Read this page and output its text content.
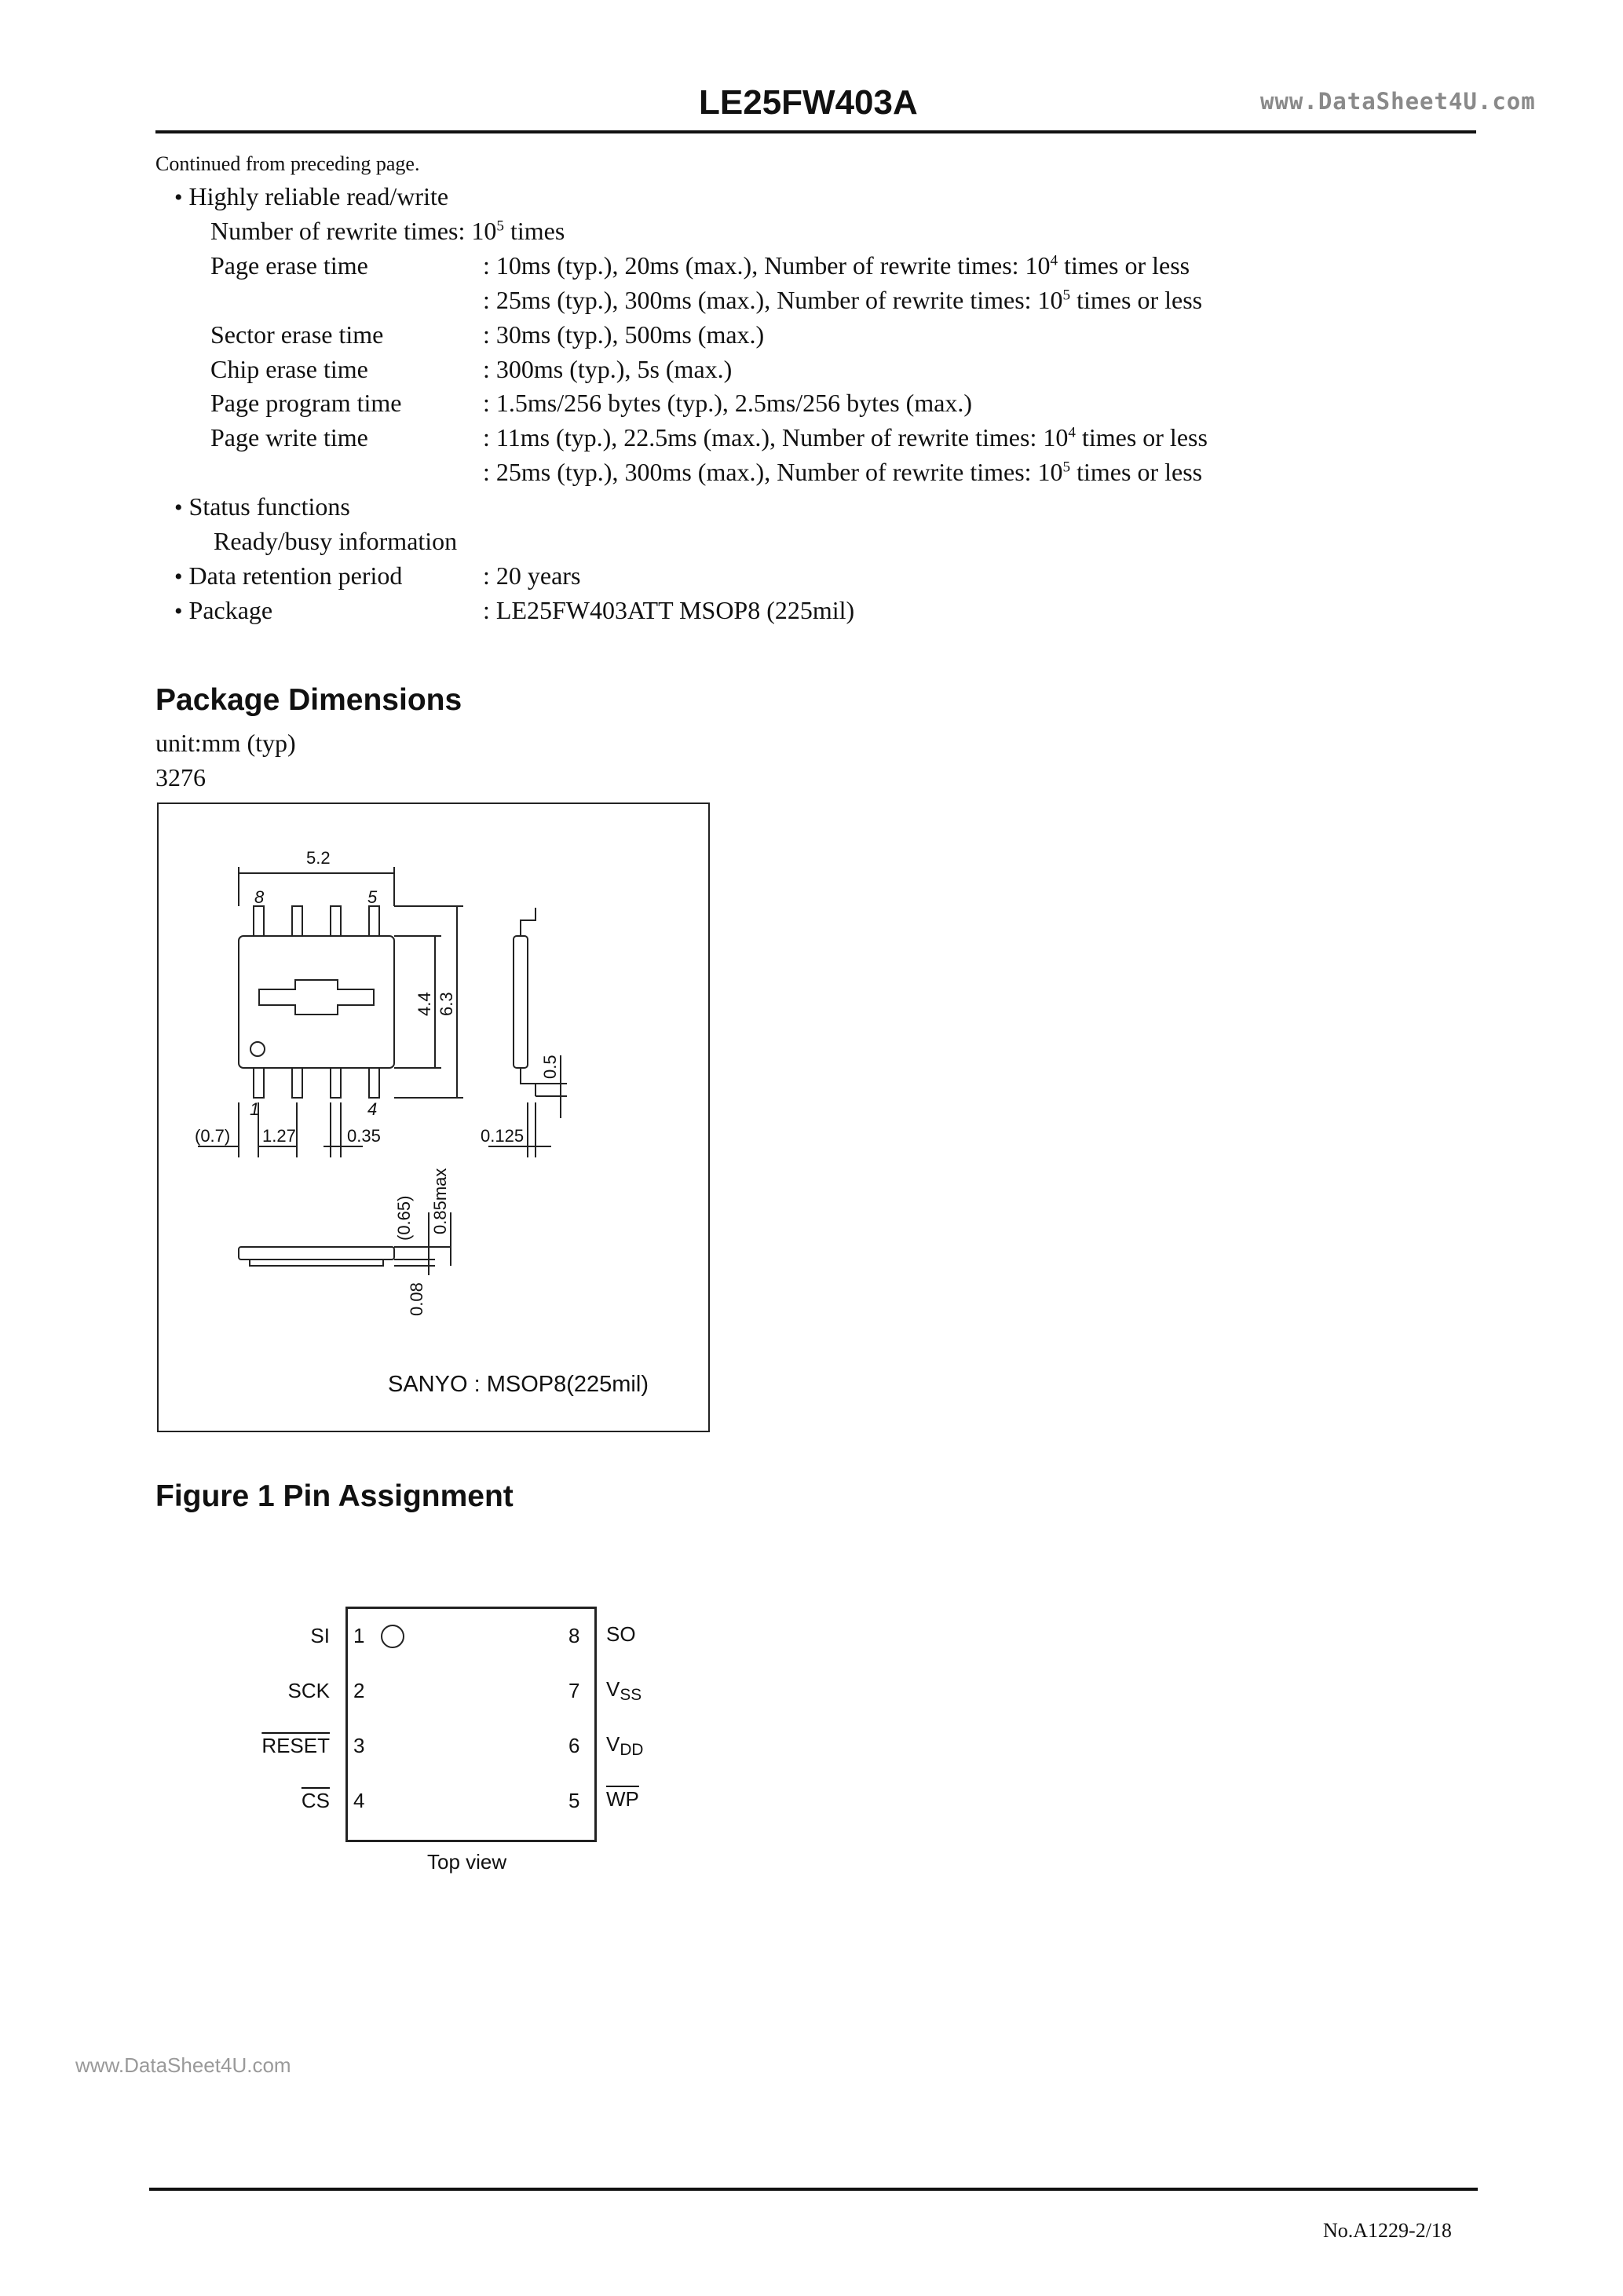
LE25FW403A	www.DataSheet4U.com
Continued from preceding page.
• Highly reliable read/write
Number of rewrite times: $10^5$ times
Page erase time	: 10ms (typ.), 20ms (max.), Number of rewrite times: $10^4$ times or less
: 25ms (typ.), 300ms (max.), Number of rewrite times: $10^5$ times or less
Sector erase time	: 30ms (typ.), 500ms (max.)
Chip erase time	: 300ms (typ.), 5s (max.)
Page program time	: 1.5ms/256 bytes (typ.), 2.5ms/256 bytes (max.)
Page write time	: 11ms (typ.), 22.5ms (max.), Number of rewrite times: $10^4$ times or less
: 25ms (typ.), 300ms (max.), Number of rewrite times: $10^5$ times or less
• Status functions
Ready/busy information
• Data retention period	: 20 years
• Package	: LE25FW403ATT MSOP8 (225mil)
Package Dimensions
unit:mm (typ)
3276
5.2
8	5
1	4
4.4 6.3
0.5
(0.7) 1.27	0.35	0.125
(0.65) 0.85max
0.08
SANYO : MSOP8(225mil)
Figure 1 Pin Assignment
SI 1
SCK 2
RESET 3
$\overline{CS}$ 4
8 SO
7 $V_{SS}$
6 $V_{DD}$
5 $\overline{WP}$
Top view
www.DataSheet4U.com
No.A1229-2/18
